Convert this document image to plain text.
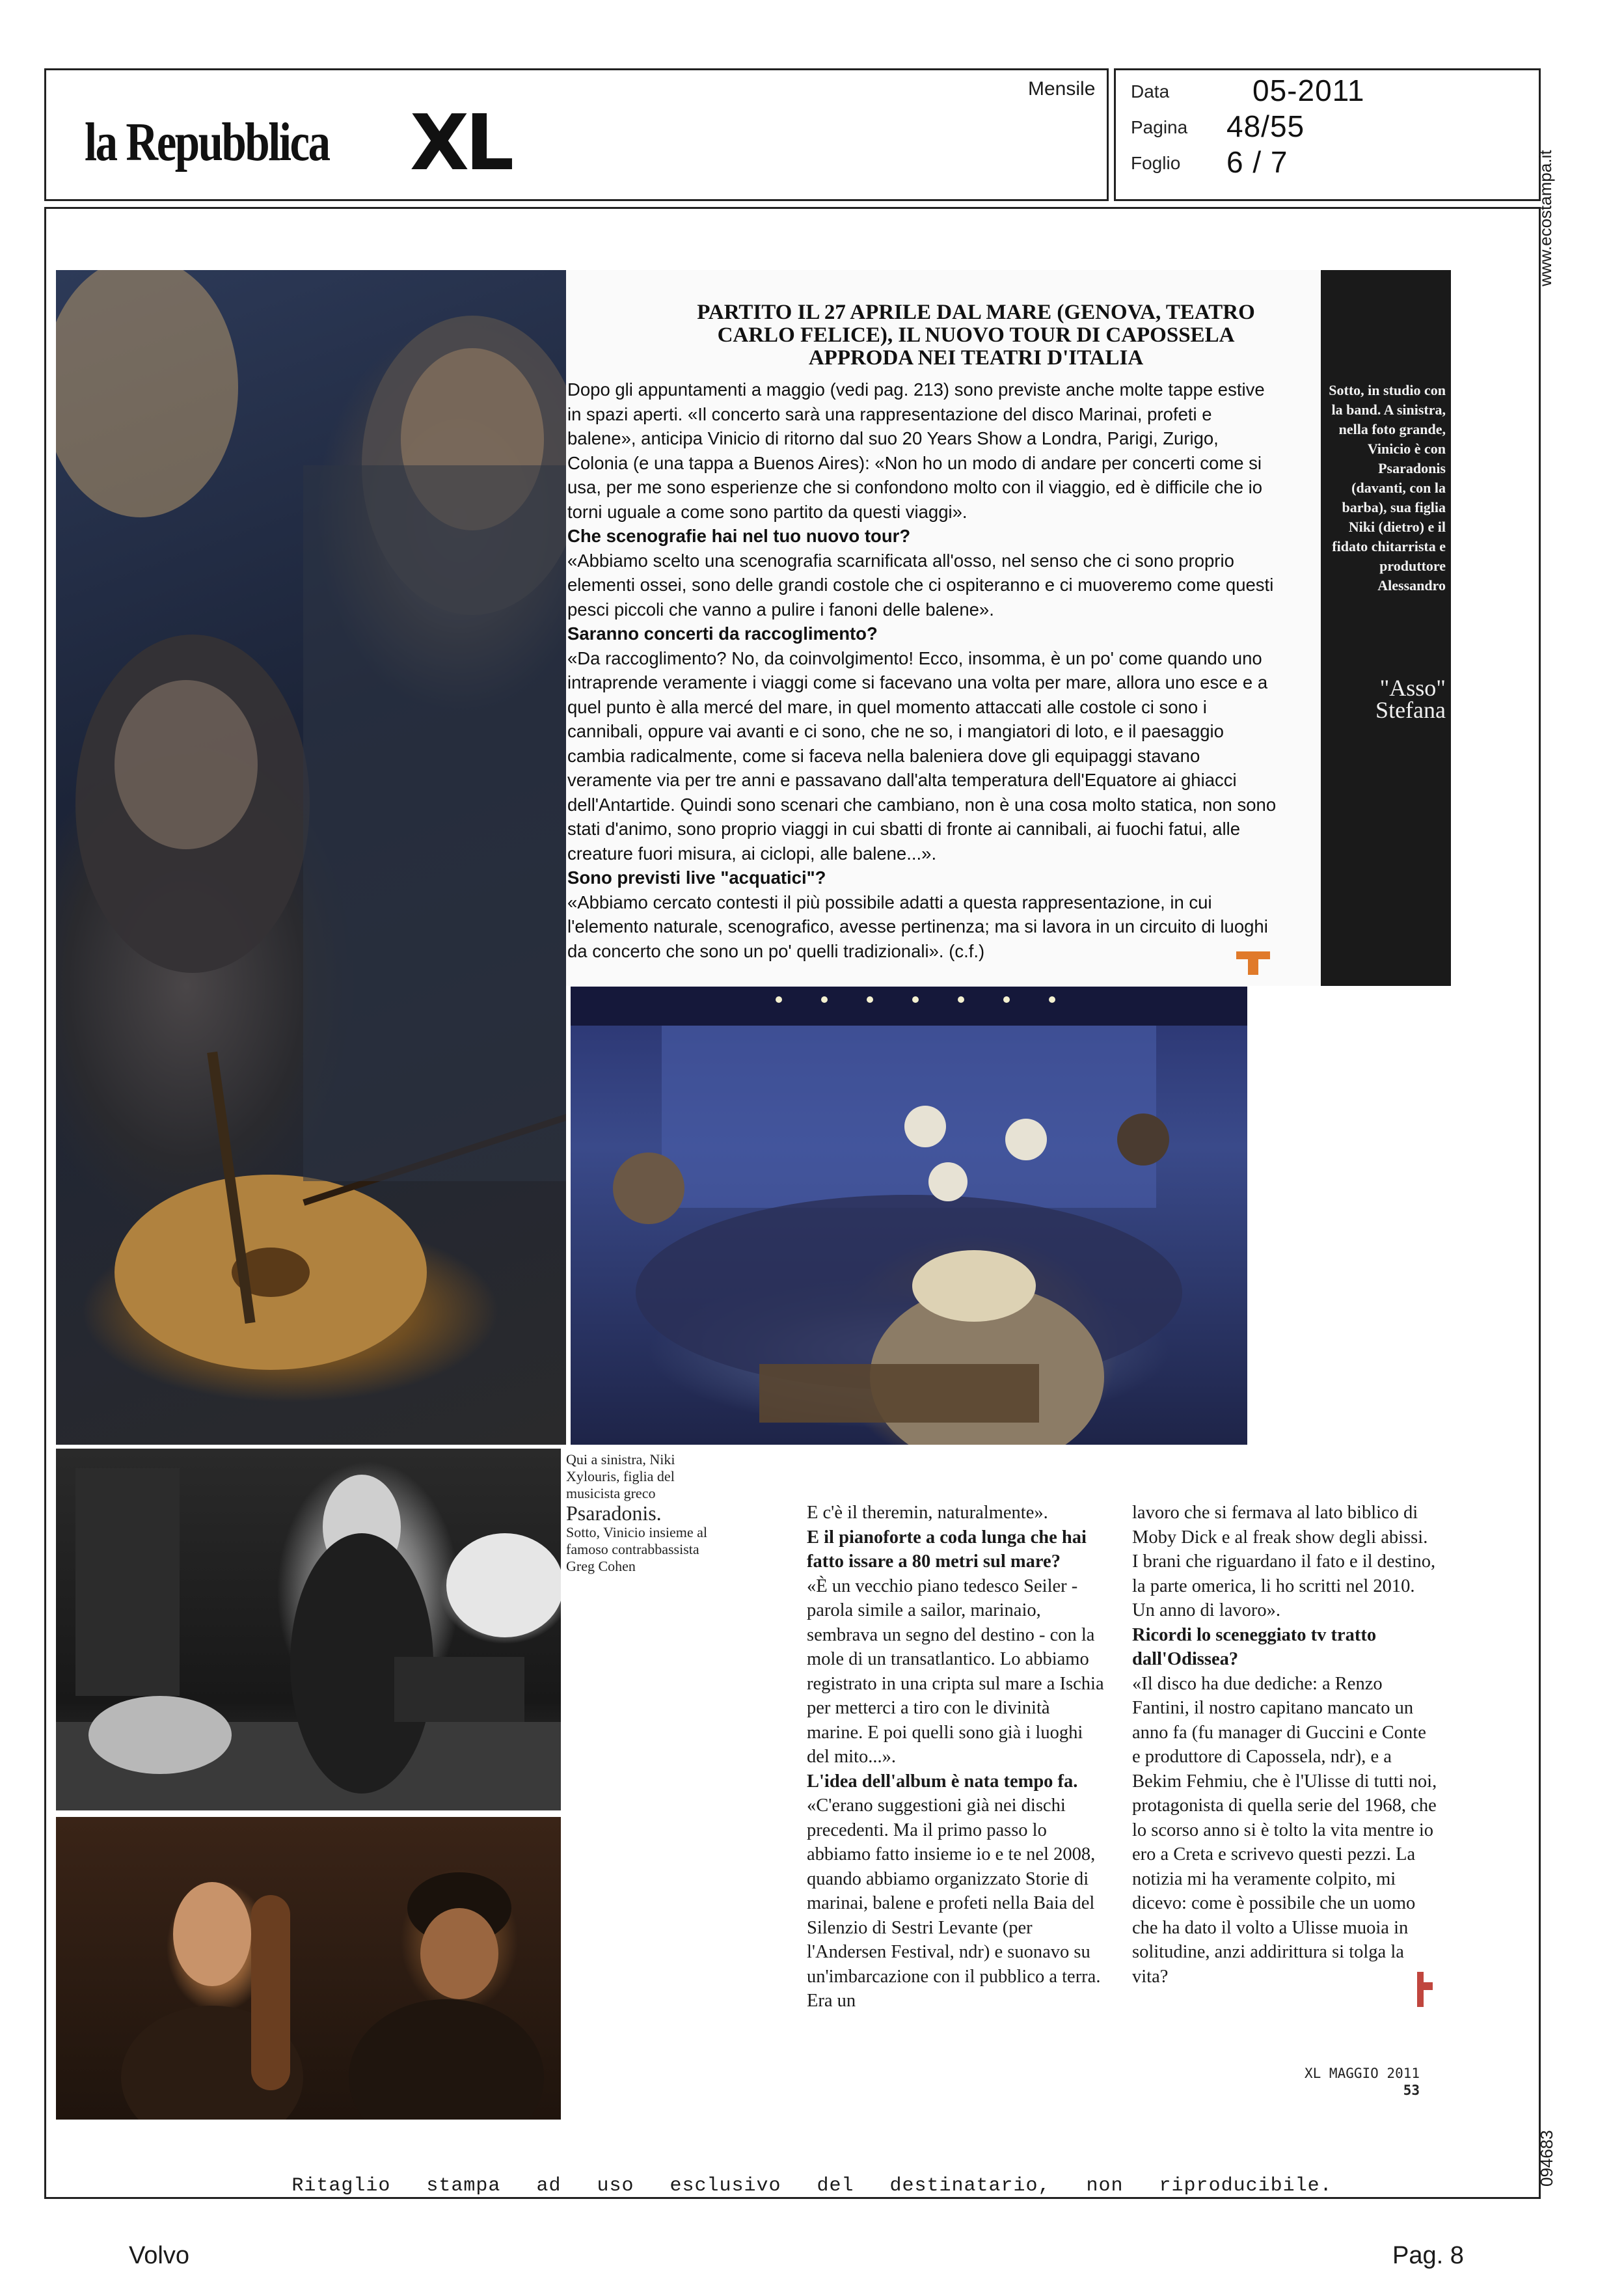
la Repubblica XL
Mensile Data	05-2011
Pagina 48/55
Foglio 6 / 7	www.ecostampa.it
094683
PARTITO IL 27 APRILE DAL MARE (GENOVA, TEATRO CARLO FELICE), IL NUOVO TOUR DI CAPOSSELA APPRODA NEI TEATRI D'ITALIA

Dopo gli appuntamenti a maggio (vedi pag. 213) sono previste anche molte tappe estive in spazi aperti. «Il concerto sarà una rappresentazione del disco Marinai, profeti e balene», anticipa Vinicio di ritorno dal suo 20 Years Show a Londra, Parigi, Zurigo, Colonia (e una tappa a Buenos Aires): «Non ho un modo di andare per concerti come si usa, per me sono esperienze che si confondono molto con il viaggio, ed è difficile che io torni uguale a come sono partito da questi viaggi».

Che scenografie hai nel tuo nuovo tour?

«Abbiamo scelto una scenografia scarnificata all'osso, nel senso che ci sono proprio elementi ossei, sono delle grandi costole che ci ospiteranno e ci muoveremo come questi pesci piccoli che vanno a pulire i fanoni delle balene».

Saranno concerti da raccoglimento?

«Da raccoglimento? No, da coinvolgimento! Ecco, insomma, è un po' come quando uno intraprende veramente i viaggi come si facevano una volta per mare, allora uno esce e a quel punto è alla mercé del mare, in quel momento attaccati alle costole ci sono i cannibali, oppure vai avanti e ci sono, che ne so, i mangiatori di loto, e il paesaggio cambia radicalmente, come si faceva nella baleniera dove gli equipaggi stavano veramente via per tre anni e passavano dall'alta temperatura dell'Equatore ai ghiacci dell'Antartide. Quindi sono scenari che cambiano, non è una cosa molto statica, non sono stati d'animo, sono proprio viaggi in cui sbatti di fronte ai cannibali, ai fuochi fatui, alle creature fuori misura, ai ciclopi, alle balene...».

Sono previsti live "acquatici"?

«Abbiamo cercato contesti il più possibile adatti a questa rappresentazione, in cui l'elemento naturale, scenografico, avesse pertinenza; ma si lavora in un circuito di luoghi da concerto che sono un po' quelli tradizionali». (c.f.)

Sotto, in studio con la band. A sinistra, nella foto grande, Vinicio è con Psaradonis (davanti, con la barba), sua figlia Niki (dietro) e il fidato chitarrista e produttore Alessandro
"Asso" Stefana
Qui a sinistra, Niki Xylouris, figlia del musicista greco
Psaradonis.
Sotto, Vinicio insieme al famoso contrabbassista Greg Cohen

E c'è il theremin, naturalmente».

E il pianoforte a coda lunga che hai fatto issare a 80 metri sul mare?

«È un vecchio piano tedesco Seiler - parola simile a sailor, marinaio, sembrava un segno del destino - con la mole di un transatlantico. Lo abbiamo registrato in una cripta sul mare a Ischia per metterci a tiro con le divinità marine. E poi quelli sono già i luoghi del mito...».

L'idea dell'album è nata tempo fa.

«C'erano suggestioni già nei dischi precedenti. Ma il primo passo lo abbiamo fatto insieme io e te nel 2008, quando abbiamo organizzato Storie di marinai, balene e profeti nella Baia del Silenzio di Sestri Levante (per l'Andersen Festival, ndr) e suonavo su un'imbarcazione con il pubblico a terra. Era un

lavoro che si fermava al lato biblico di Moby Dick e al freak show degli abissi. I brani che riguardano il fato e il destino, la parte omerica, li ho scritti nel 2010. Un anno di lavoro».

Ricordi lo sceneggiato tv tratto dall'Odissea?

«Il disco ha due dediche: a Renzo Fantini, il nostro capitano mancato un anno fa (fu manager di Guccini e Conte e produttore di Capossela, ndr), e a Bekim Fehmiu, che è l'Ulisse di tutti noi, protagonista di quella serie del 1968, che lo scorso anno si è tolto la vita mentre io ero a Creta e scrivevo questi pezzi. La notizia mi ha veramente colpito, mi dicevo: come è possibile che un uomo che ha dato il volto a Ulisse muoia in solitudine, anzi addirittura si tolga la vita?

XL MAGGIO 2011
53
Ritaglio stampa ad uso esclusivo del destinatario, non riproducibile.
Volvo	Pag. 8
